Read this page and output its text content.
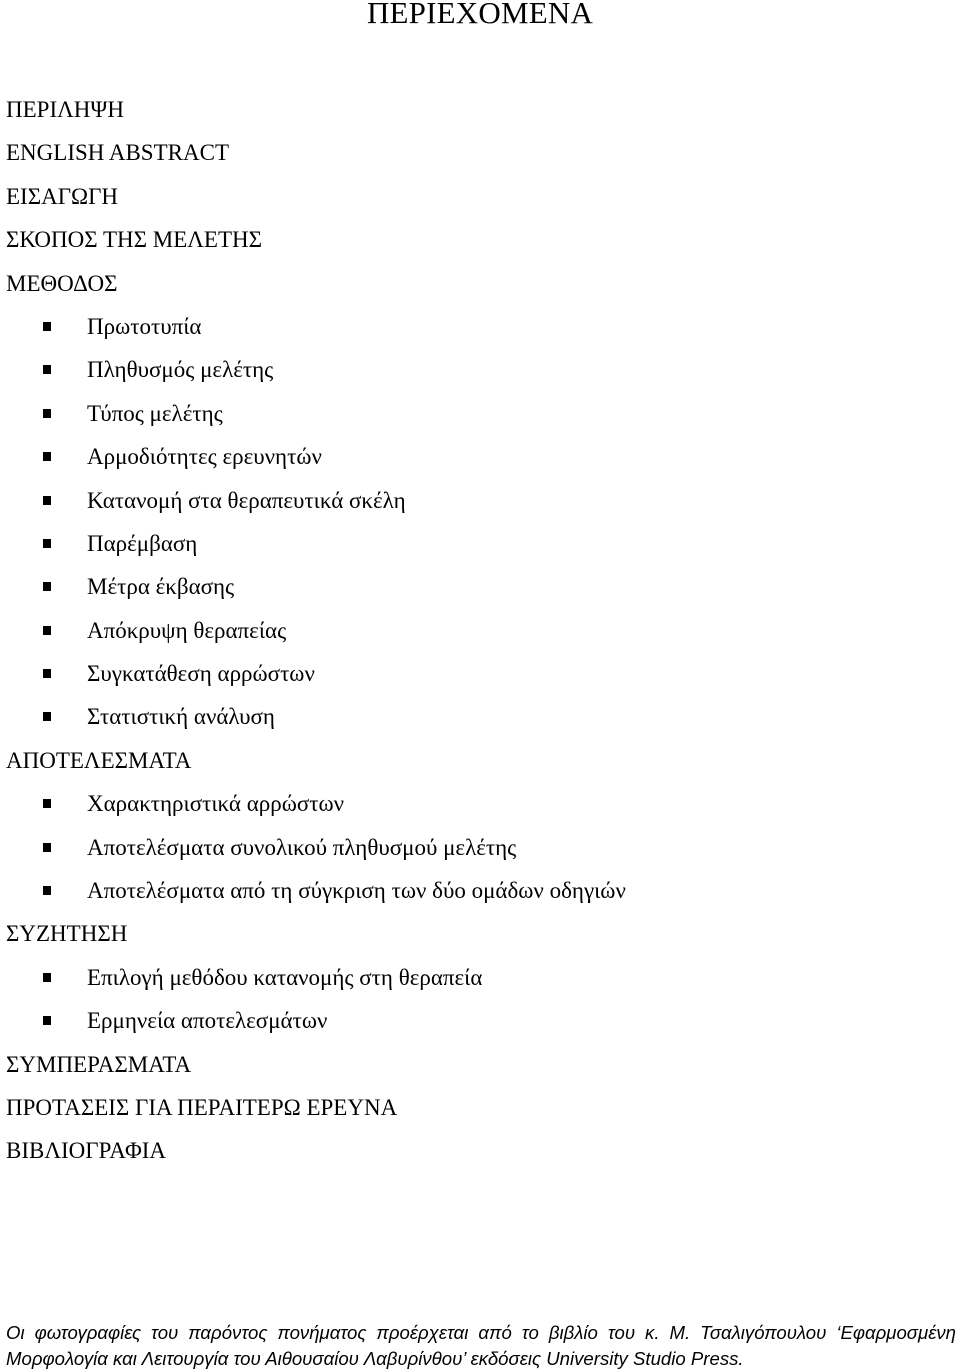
ΠΕΡΙΕΧΟΜΕΝΑ
ΠΕΡΙΛΗΨΗ
ENGLISH ABSTRACT
ΕΙΣΑΓΩΓΗ
ΣΚΟΠΟΣ ΤΗΣ ΜΕΛΕΤΗΣ
ΜΕΘΟΔΟΣ
Πρωτοτυπία
Πληθυσμός μελέτης
Τύπος μελέτης
Αρμοδιότητες ερευνητών
Κατανομή στα θεραπευτικά σκέλη
Παρέμβαση
Μέτρα έκβασης
Απόκρυψη θεραπείας
Συγκατάθεση αρρώστων
Στατιστική ανάλυση
ΑΠΟΤΕΛΕΣΜΑΤΑ
Χαρακτηριστικά αρρώστων
Αποτελέσματα συνολικού πληθυσμού μελέτης
Αποτελέσματα από τη σύγκριση των δύο ομάδων οδηγιών
ΣΥΖΗΤΗΣΗ
Επιλογή μεθόδου κατανομής στη θεραπεία
Ερμηνεία αποτελεσμάτων
ΣΥΜΠΕΡΑΣΜΑΤΑ
ΠΡΟΤΑΣΕΙΣ ΓΙΑ ΠΕΡΑΙΤΕΡΩ ΕΡΕΥΝΑ
ΒΙΒΛΙΟΓΡΑΦΙΑ
Οι φωτογραφίες του παρόντος πονήματος προέρχεται από το βιβλίο του κ. Μ. Τσαλιγόπουλου ‘Εφαρμοσμένη
Μορφολογία και Λειτουργία του Αιθουσαίου Λαβυρίνθου’ εκδόσεις University Studio Press.
